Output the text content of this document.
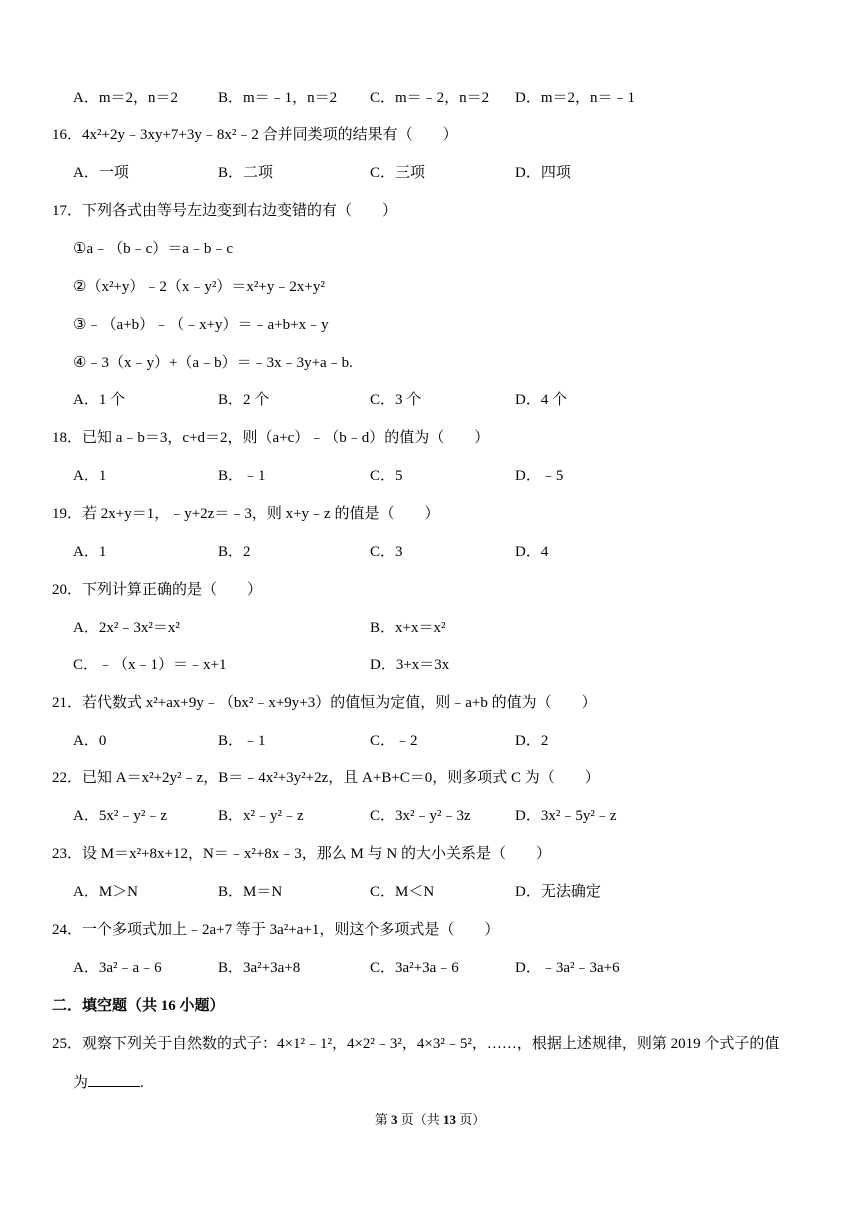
A．m＝2，n＝2	B．m＝﹣1，n＝2 C．m＝﹣2，n＝2 D．m＝2，n＝﹣1
16．4x²+2y﹣3xy+7+3y﹣8x²﹣2 合并同类项的结果有（　　）
A．一项	B．二项	C．三项	D．四项
17．下列各式由等号左边变到右边变错的有（　　）
①a﹣（b﹣c）＝a﹣b﹣c
②（x²+y）﹣2（x﹣y²）＝x²+y﹣2x+y²
③﹣（a+b）﹣（﹣x+y）＝﹣a+b+x﹣y
④﹣3（x﹣y）+（a﹣b）＝﹣3x﹣3y+a﹣b.
A．1 个	B．2 个	C．3 个	D．4 个
18．已知 a﹣b＝3，c+d＝2，则（a+c）﹣（b﹣d）的值为（　　）
A．1	B．﹣1	C．5	D．﹣5
19．若 2x+y＝1，﹣y+2z＝﹣3，则 x+y﹣z 的值是（　　）
A．1	B．2	C．3	D．4
20．下列计算正确的是（　　）
A．2x²﹣3x²＝x²	B．x+x＝x²
C．﹣（x﹣1）＝﹣x+1	D．3+x＝3x
21．若代数式 x²+ax+9y﹣（bx²﹣x+9y+3）的值恒为定值，则﹣a+b 的值为（　　）
A．0	B．﹣1	C．﹣2	D．2
22．已知 A＝x²+2y²﹣z，B＝﹣4x²+3y²+2z，且 A+B+C＝0，则多项式 C 为（　　）
A．5x²﹣y²﹣z	B．x²﹣y²﹣z	C．3x²﹣y²﹣3z	D．3x²﹣5y²﹣z
23．设 M＝x²+8x+12，N＝﹣x²+8x﹣3，那么 M 与 N 的大小关系是（　　）
A．M＞N	B．M＝N	C．M＜N	D．无法确定
24．一个多项式加上﹣2a+7 等于 3a²+a+1，则这个多项式是（　　）
A．3a²﹣a﹣6	B．3a²+3a+8	C．3a²+3a﹣6	D．﹣3a²﹣3a+6
二．填空题（共 16 小题）
25．观察下列关于自然数的式子：4×1²﹣1²，4×2²﹣3²，4×3²﹣5²，……，根据上述规律，则第 2019 个式子的值
为	.
第 3 页（共 13 页）
